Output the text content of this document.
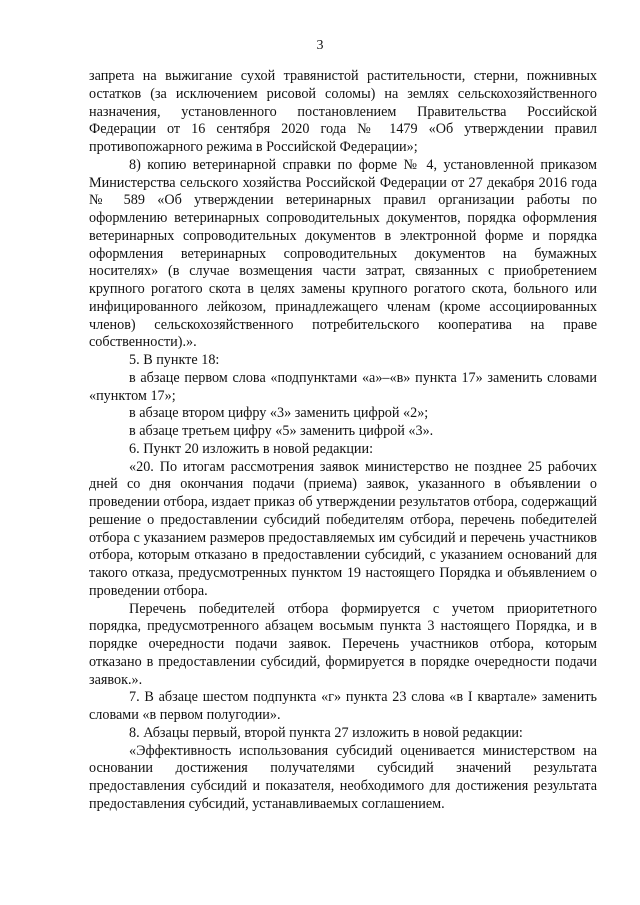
3

запрета на выжигание сухой травянистой растительности, стерни, пожнивных остатков (за исключением рисовой соломы) на землях сельскохозяйственного назначения, установленного постановлением Правительства Российской Федерации от 16 сентября 2020 года № 1479 «Об утверждении правил противопожарного режима в Российской Федерации»;

8) копию ветеринарной справки по форме № 4, установленной приказом Министерства сельского хозяйства Российской Федерации от 27 декабря 2016 года № 589 «Об утверждении ветеринарных правил организации работы по оформлению ветеринарных сопроводительных документов, порядка оформления ветеринарных сопроводительных документов в электронной форме и порядка оформления ветеринарных сопроводительных документов на бумажных носителях» (в случае возмещения части затрат, связанных с приобретением крупного рогатого скота в целях замены крупного рогатого скота, больного или инфицированного лейкозом, принадлежащего членам (кроме ассоциированных членов) сельскохозяйственного потребительского кооператива на праве собственности).».

5. В пункте 18:

в абзаце первом слова «подпунктами «а»–«в» пункта 17» заменить словами «пунктом 17»;

в абзаце втором цифру «3» заменить цифрой «2»;

в абзаце третьем цифру «5» заменить цифрой «3».

6. Пункт 20 изложить в новой редакции:

«20. По итогам рассмотрения заявок министерство не позднее 25 рабочих дней со дня окончания подачи (приема) заявок, указанного в объявлении о проведении отбора, издает приказ об утверждении результатов отбора, содержащий решение о предоставлении субсидий победителям отбора, перечень победителей отбора с указанием размеров предоставляемых им субсидий и перечень участников отбора, которым отказано в предоставлении субсидий, с указанием оснований для такого отказа, предусмотренных пунктом 19 настоящего Порядка и объявлением о проведении отбора.

Перечень победителей отбора формируется с учетом приоритетного порядка, предусмотренного абзацем восьмым пункта 3 настоящего Порядка, и в порядке очередности подачи заявок. Перечень участников отбора, которым отказано в предоставлении субсидий, формируется в порядке очередности подачи заявок.».

7. В абзаце шестом подпункта «г» пункта 23 слова «в I квартале» заменить словами «в первом полугодии».

8. Абзацы первый, второй пункта 27 изложить в новой редакции:

«Эффективность использования субсидий оценивается министерством на основании достижения получателями субсидий значений результата предоставления субсидий и показателя, необходимого для достижения результата предоставления субсидий, устанавливаемых соглашением.
